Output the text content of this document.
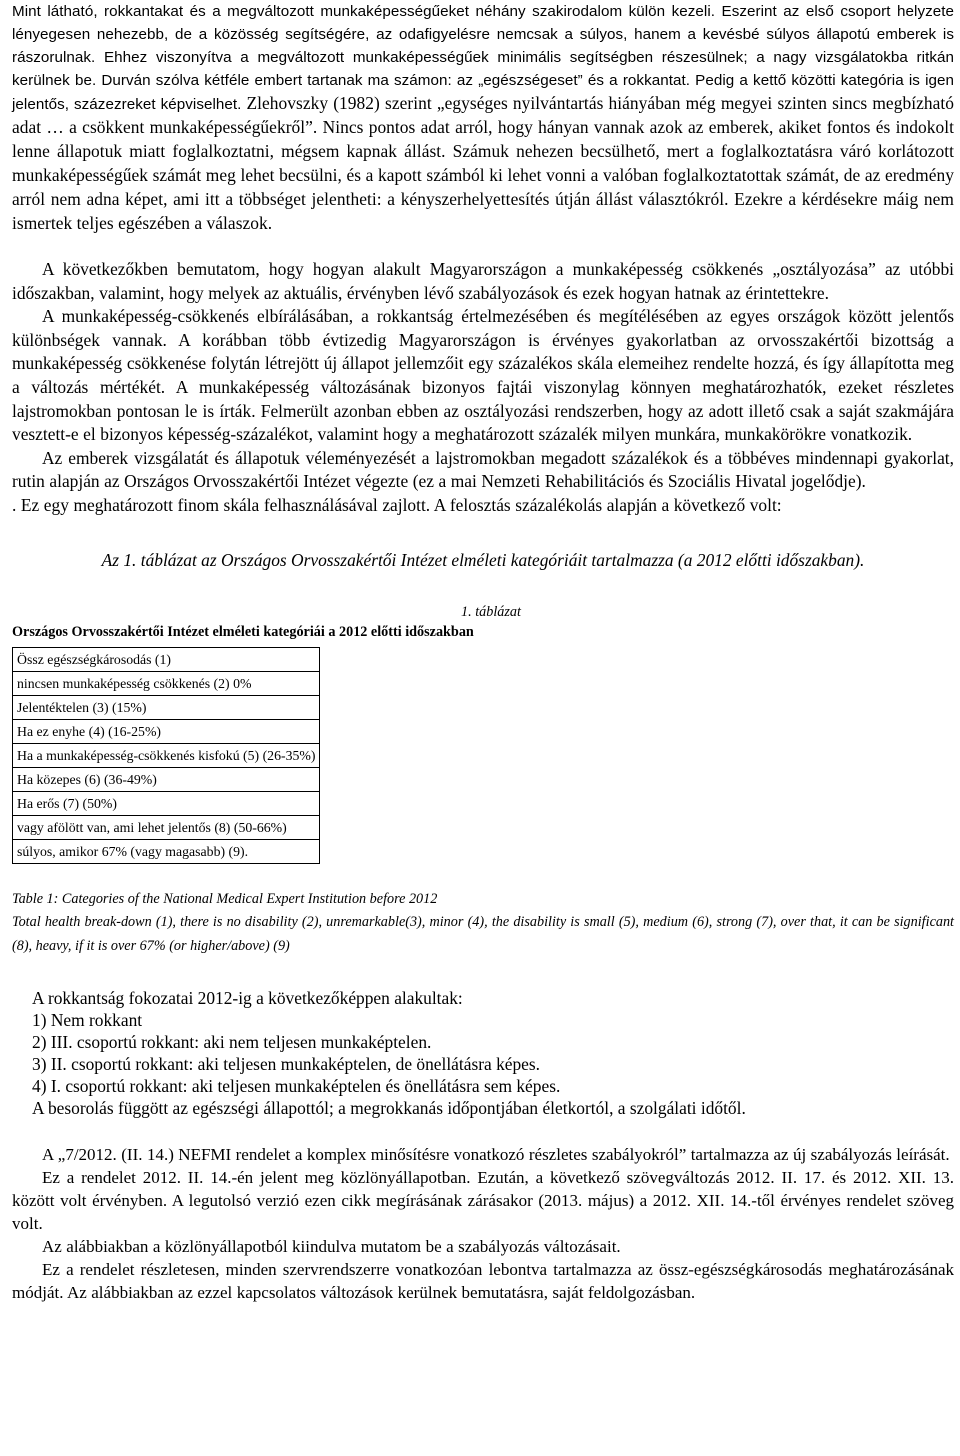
Mint látható, rokkantakat és a megváltozott munkaképességűeket néhány szakirodalom külön kezeli. Eszerint az első csoport helyzete lényegesen nehezebb, de a közösség segítségére, az odafigyelésre nemcsak a súlyos, hanem a kevésbé súlyos állapotú emberek is rászorulnak. Ehhez viszonyítva a megváltozott munkaképességűek minimális segítségben részesülnek; a nagy vizsgálatokba ritkán kerülnek be. Durván szólva kétféle embert tartanak ma számon: az „egészségeset” és a rokkantat. Pedig a kettő közötti kategória is igen jelentős, százezreket képviselhet. Zlehovszky (1982) szerint „egységes nyilvántartás hiányában még megyei szinten sincs megbízható adat … a csökkent munkaképességűekről”. Nincs pontos adat arról, hogy hányan vannak azok az emberek, akiket fontos és indokolt lenne állapotuk miatt foglalkoztatni, mégsem kapnak állást. Számuk nehezen becsülhető, mert a foglalkoztatásra váró korlátozott munkaképességűek számát meg lehet becsülni, és a kapott számból ki lehet vonni a valóban foglalkoztatottak számát, de az eredmény arról nem adna képet, ami itt a többséget jelentheti: a kényszerhelyettesítés útján állást választókról. Ezekre a kérdésekre máig nem ismertek teljes egészében a válaszok.

A következőkben bemutatom, hogy hogyan alakult Magyarországon a munkaképesség csökkenés „osztályozása” az utóbbi időszakban, valamint, hogy melyek az aktuális, érvényben lévő szabályozások és ezek hogyan hatnak az érintettekre.

A munkaképesség-csökkenés elbírálásában, a rokkantság értelmezésében és megítélésében az egyes országok között jelentős különbségek vannak. A korábban több évtizedig Magyarországon is érvényes gyakorlatban az orvosszakértői bizottság a munkaképesség csökkenése folytán létrejött új állapot jellemzőit egy százalékos skála elemeihez rendelte hozzá, és így állapította meg a változás mértékét. A munkaképesség változásának bizonyos fajtái viszonylag könnyen meghatározhatók, ezeket részletes lajstromokban pontosan le is írták. Felmerült azonban ebben az osztályozási rendszerben, hogy az adott illető csak a saját szakmájára vesztett-e el bizonyos képesség-százalékot, valamint hogy a meghatározott százalék milyen munkára, munkakörökre vonatkozik.

Az emberek vizsgálatát és állapotuk véleményezését a lajstromokban megadott százalékok és a többéves mindennapi gyakorlat, rutin alapján az Országos Orvosszakértői Intézet végezte (ez a mai Nemzeti Rehabilitációs és Szociális Hivatal jogelődje).

. Ez egy meghatározott finom skála felhasználásával zajlott. A felosztás százalékolás alapján a következő volt:

Az 1. táblázat az Országos Orvosszakértői Intézet elméleti kategóriáit tartalmazza (a 2012 előtti időszakban).

1. táblázat
Országos Orvosszakértői Intézet elméleti kategóriái a 2012 előtti időszakban
Össz egészségkárosodás (1)
nincsen munkaképesség csökkenés (2) 0%
Jelentéktelen (3) (15%)
Ha ez enyhe (4) (16-25%)
Ha a munkaképesség-csökkenés kisfokú (5) (26-35%)
Ha közepes (6) (36-49%)
Ha erős (7) (50%)
vagy afölött van, ami lehet jelentős (8) (50-66%)
súlyos, amikor 67% (vagy magasabb) (9).
Table 1: Categories of the National Medical Expert Institution before 2012
Total health break-down (1), there is no disability (2), unremarkable(3), minor (4), the disability is small (5), medium (6), strong (7), over that, it can be significant (8), heavy, if it is over 67% (or higher/above) (9)
A rokkantság fokozatai 2012-ig a következőképpen alakultak:
1) Nem rokkant
2) III. csoportú rokkant: aki nem teljesen munkaképtelen.
3) II. csoportú rokkant: aki teljesen munkaképtelen, de önellátásra képes.
4) I. csoportú rokkant: aki teljesen munkaképtelen és önellátásra sem képes.
A besorolás függött az egészségi állapottól; a megrokkanás időpontjában életkortól, a szolgálati időtől.

A „7/2012. (II. 14.) NEFMI rendelet a komplex minősítésre vonatkozó részletes szabályokról” tartalmazza az új szabályozás leírását.

Ez a rendelet 2012. II. 14.-én jelent meg közlönyállapotban. Ezután, a következő szövegváltozás 2012. II. 17. és 2012. XII. 13. között volt érvényben. A legutolsó verzió ezen cikk megírásának zárásakor (2013. május) a 2012. XII. 14.-től érvényes rendelet szöveg volt.

Az alábbiakban a közlönyállapotból kiindulva mutatom be a szabályozás változásait.

Ez a rendelet részletesen, minden szervrendszerre vonatkozóan lebontva tartalmazza az össz-egészségkárosodás meghatározásának módját. Az alábbiakban az ezzel kapcsolatos változások kerülnek bemutatásra, saját feldolgozásban.
